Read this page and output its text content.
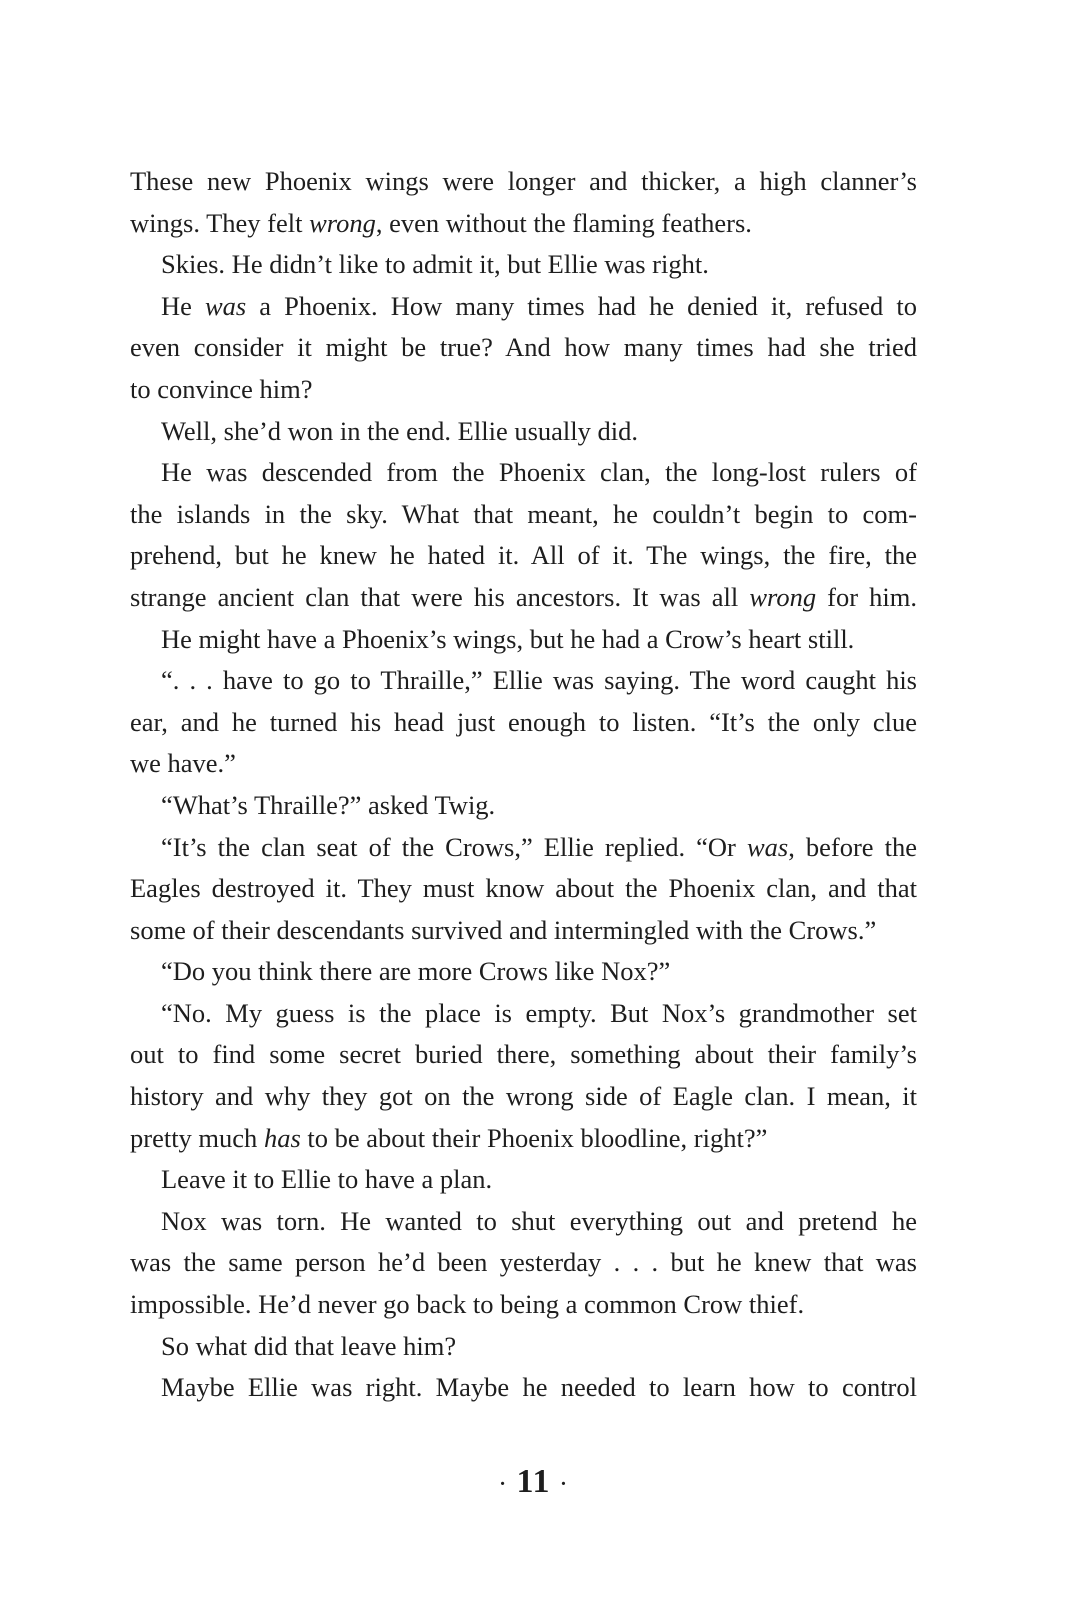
These new Phoenix wings were longer and thicker, a high clanner’s
wings. They felt wrong, even without the flaming feathers.
Skies. He didn’t like to admit it, but Ellie was right.
He was a Phoenix. How many times had he denied it, refused to
even consider it might be true? And how many times had she tried
to convince him?
Well, she’d won in the end. Ellie usually did.
He was descended from the Phoenix clan, the long-lost rulers of
the islands in the sky. What that meant, he couldn’t begin to com-
prehend, but he knew he hated it. All of it. The wings, the fire, the
strange ancient clan that were his ancestors. It was all wrong for him.
He might have a Phoenix’s wings, but he had a Crow’s heart still.
“. . . have to go to Thraille,” Ellie was saying. The word caught his
ear, and he turned his head just enough to listen. “It’s the only clue
we have.”
“What’s Thraille?” asked Twig.
“It’s the clan seat of the Crows,” Ellie replied. “Or was, before the
Eagles destroyed it. They must know about the Phoenix clan, and that
some of their descendants survived and intermingled with the Crows.”
“Do you think there are more Crows like Nox?”
“No. My guess is the place is empty. But Nox’s grandmother set
out to find some secret buried there, something about their family’s
history and why they got on the wrong side of Eagle clan. I mean, it
pretty much has to be about their Phoenix bloodline, right?”
Leave it to Ellie to have a plan.
Nox was torn. He wanted to shut everything out and pretend he
was the same person he’d been yesterday . . . but he knew that was
impossible. He’d never go back to being a common Crow thief.
So what did that leave him?
Maybe Ellie was right. Maybe he needed to learn how to control
· 11 ·
